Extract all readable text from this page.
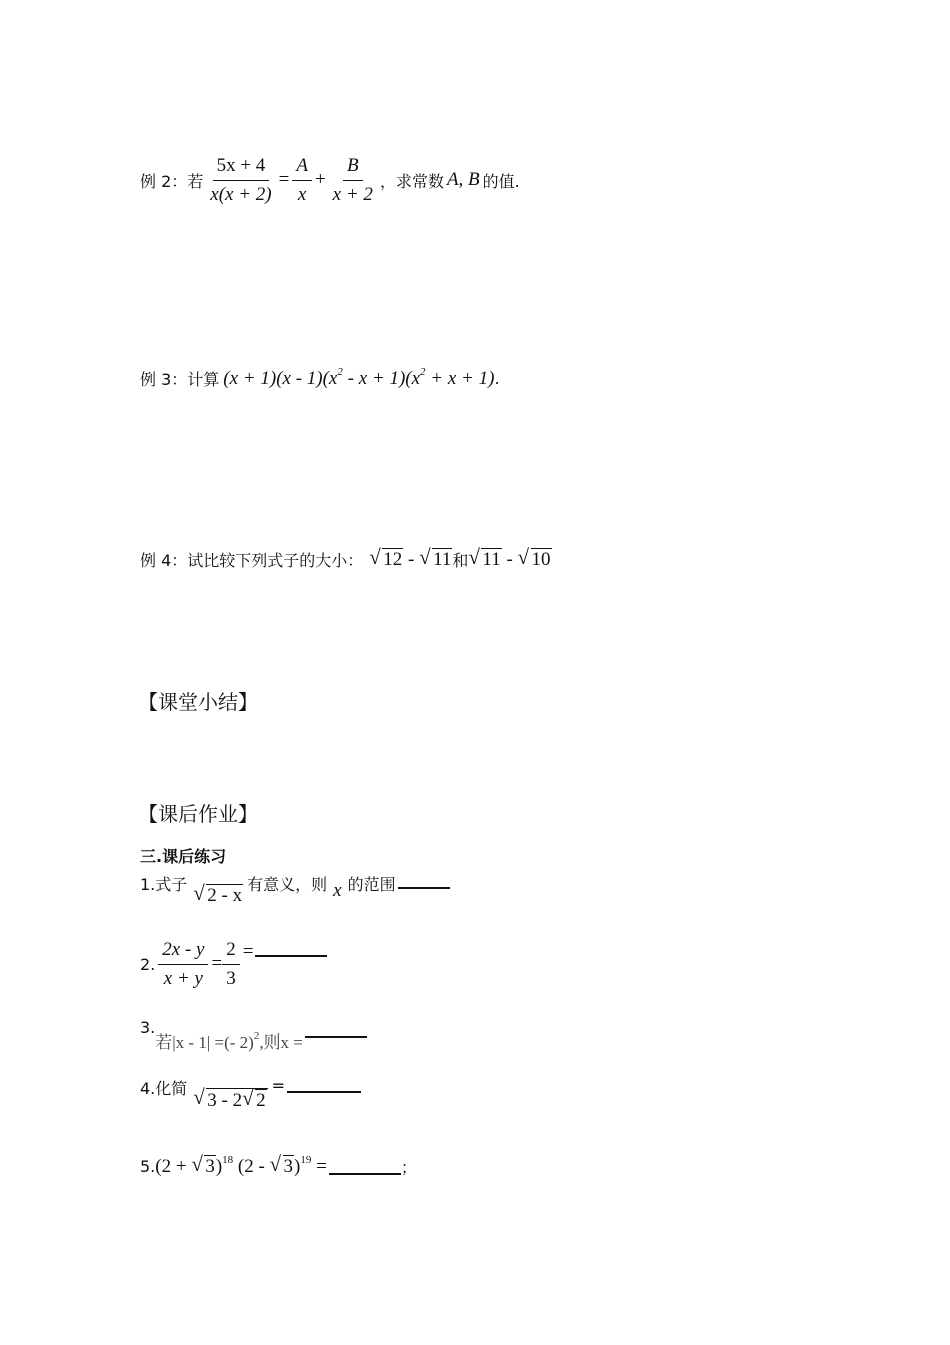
例 2：若 $\frac{5x + 4}{x(x + 2)} = \frac{A}{x} + \frac{B}{x + 2}$ ，求常数 A, B 的值.
例 3：计算 $(x + 1)(x - 1)(x^2 - x + 1)(x^2 + x + 1)$ .
例 4：试比较下列式子的大小：	√ 12 - √ 11 和 √ 11 - √ 10
【课堂小结】
【课后作业】
三.课后练习
1.式子
√ 2 - x
有意义，则 x 的范围
2. $\frac{2x - y}{x + y} = \frac{2}{3}$ =
3.
若|x - 1| =(- 2)$^2$,则x =
4.化简
√ 3 - 2 √ 2
=
5. (2 + √ 3)$^{18}$ (2 - √ 3)$^{19}$ =	；
